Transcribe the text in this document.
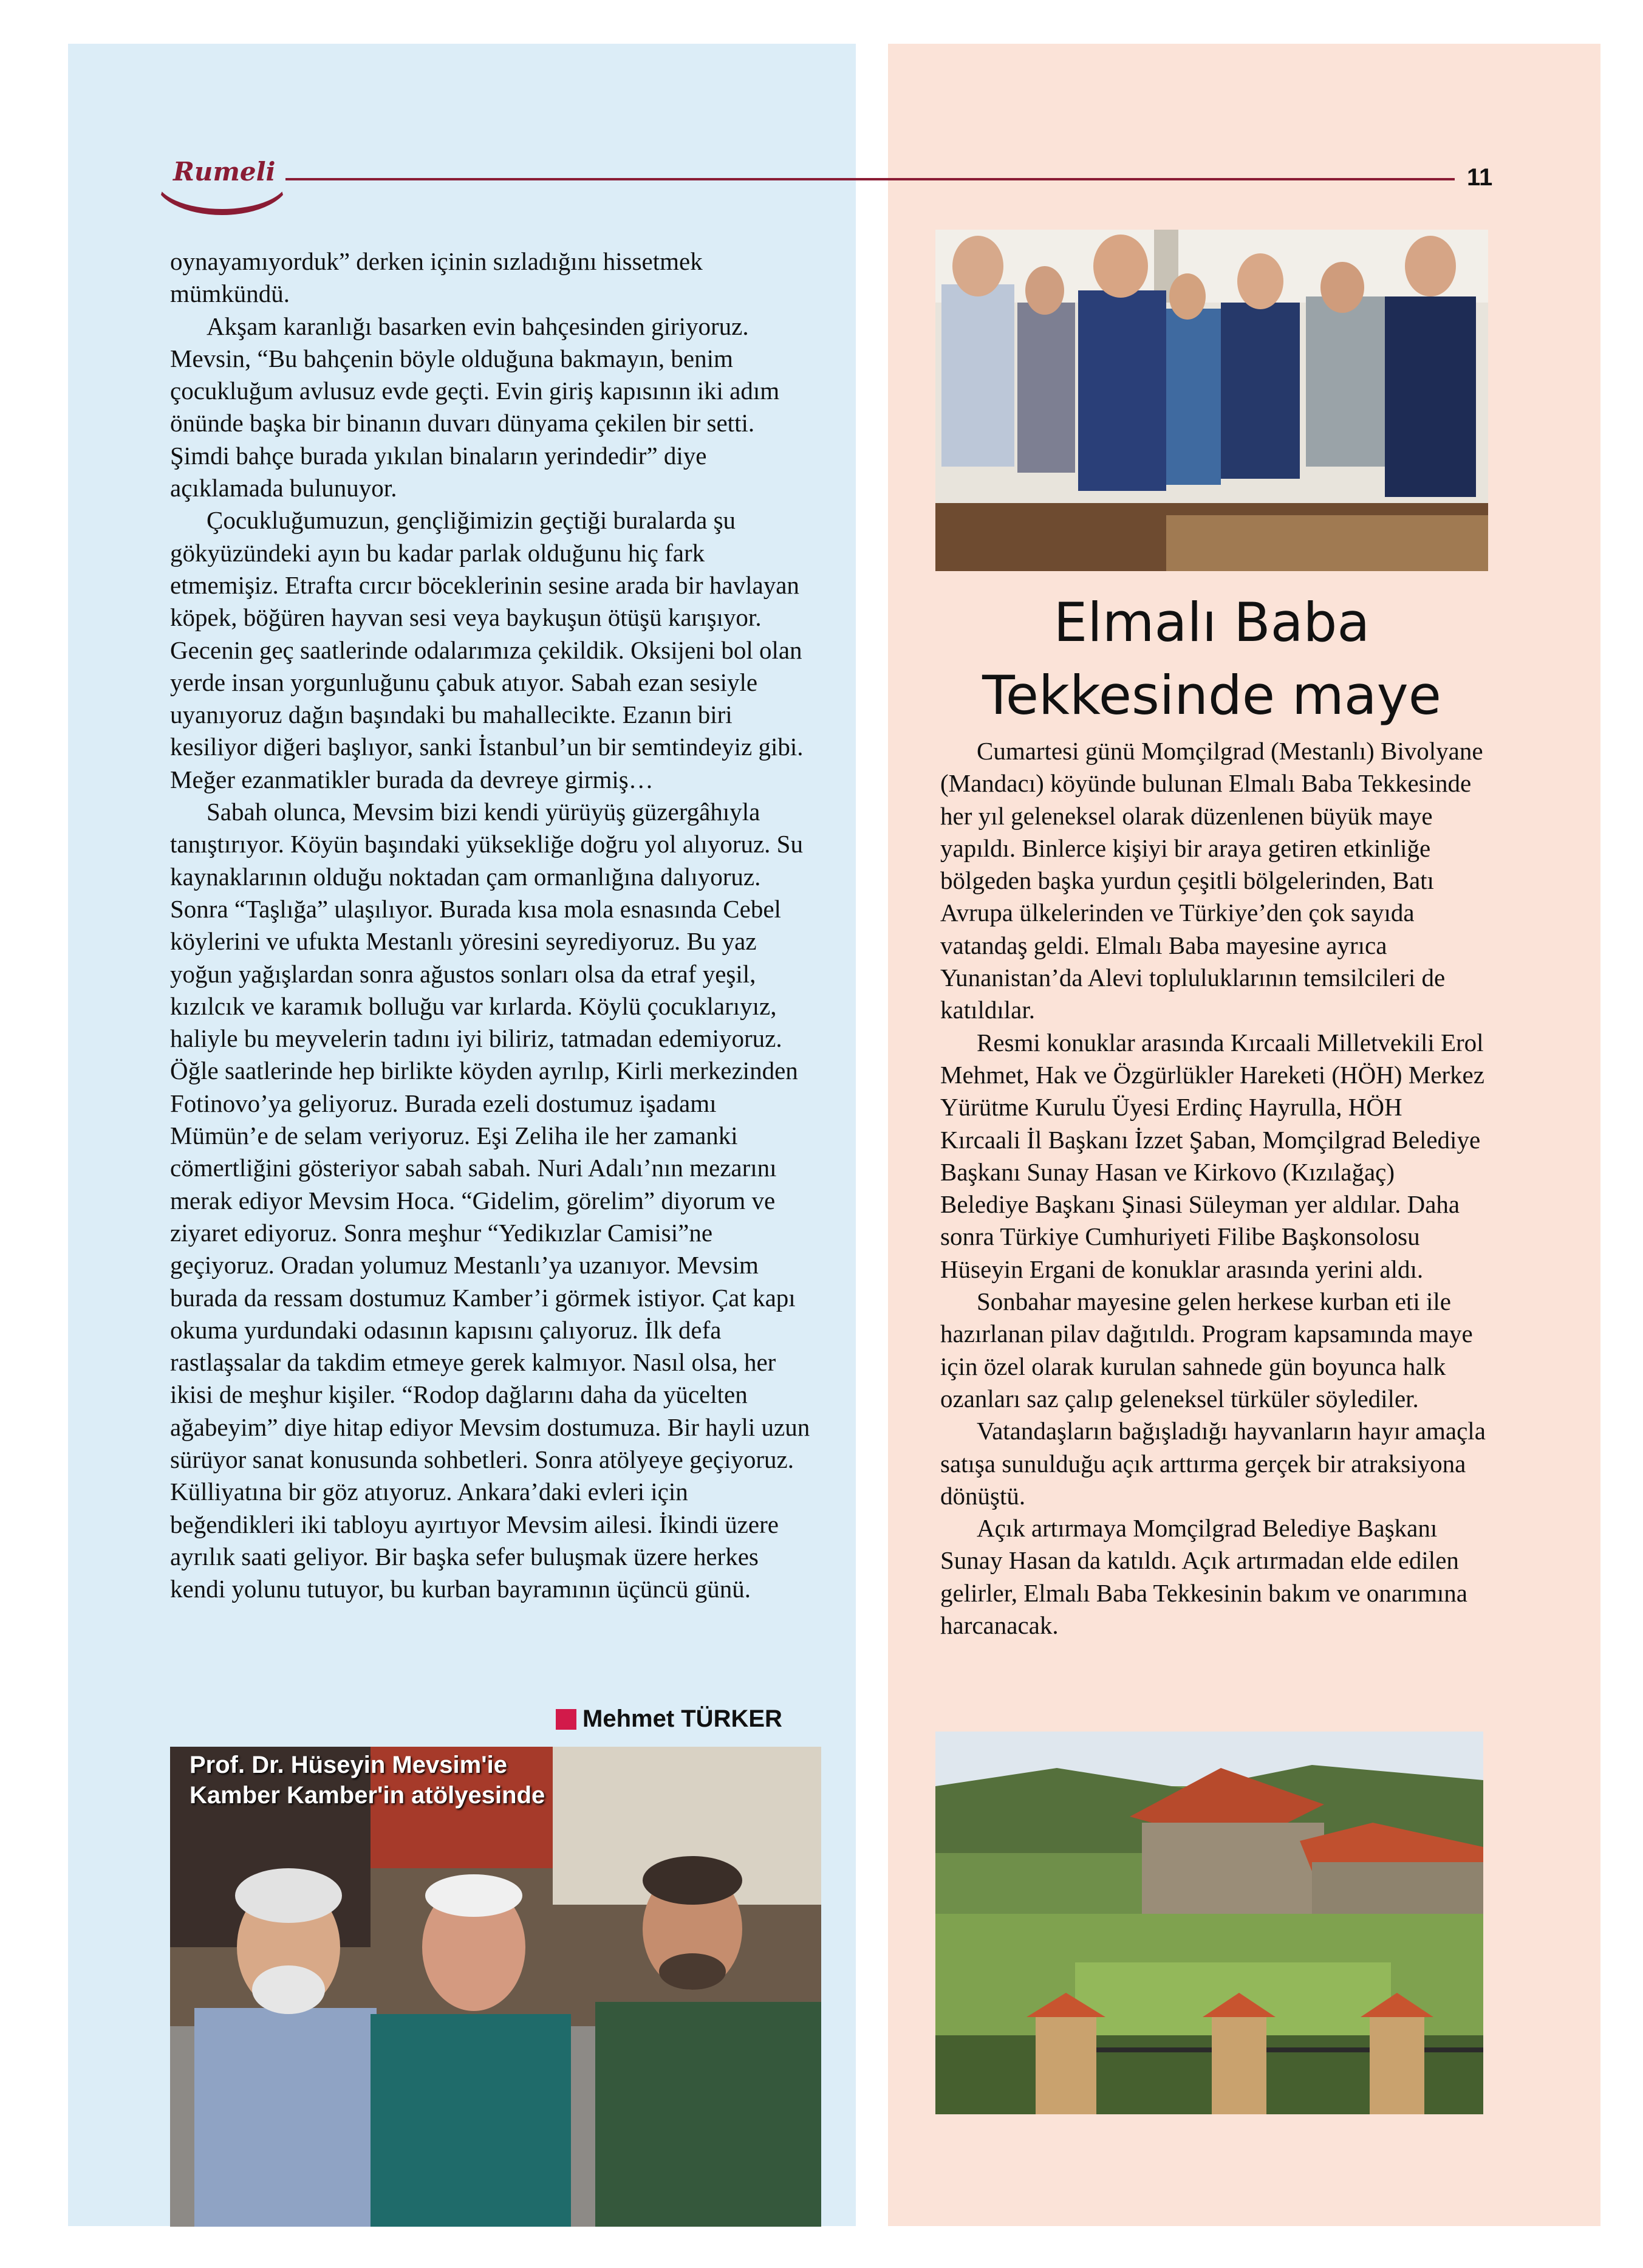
Rumeli	11

oynayamıyorduk” derken içinin sızladığını hissetmek mümkündü.

Akşam karanlığı basarken evin bahçesinden giriyoruz. Mevsin, “Bu bahçenin böyle olduğuna bakmayın, benim çocukluğum avlusuz evde geçti. Evin giriş kapısının iki adım önünde başka bir binanın duvarı dünyama çekilen bir setti. Şimdi bahçe burada yıkılan binaların yerindedir” diye açıklamada bulunuyor.

Çocukluğumuzun, gençliğimizin geçtiği buralarda şu gökyüzündeki ayın bu kadar parlak olduğunu hiç fark etmemişiz. Etrafta cırcır böceklerinin sesine arada bir havlayan köpek, böğüren hayvan sesi veya baykuşun ötüşü karışıyor. Gecenin geç saatlerinde odalarımıza çekildik. Oksijeni bol olan yerde insan yorgunluğunu çabuk atıyor. Sabah ezan sesiyle uyanıyoruz dağın başındaki bu mahallecikte. Ezanın biri kesiliyor diğeri başlıyor, sanki İstanbul’un bir semtindeyiz gibi. Meğer ezanmatikler burada da devreye girmiş…

Sabah olunca, Mevsim bizi kendi yürüyüş güzergâhıyla tanıştırıyor. Köyün başındaki yüksekliğe doğru yol alıyoruz. Su kaynaklarının olduğu noktadan çam ormanlığına dalıyoruz. Sonra “Taşlığa” ulaşılıyor. Burada kısa mola esnasında Cebel köylerini ve ufukta Mestanlı yöresini seyrediyoruz. Bu yaz yoğun yağışlardan sonra ağustos sonları olsa da etraf yeşil, kızılcık ve karamık bolluğu var kırlarda. Köylü çocuklarıyız, haliyle bu meyvelerin tadını iyi biliriz, tatmadan edemiyoruz. Öğle saatlerinde hep birlikte köyden ayrılıp, Kirli merkezinden Fotinovo’ya geliyoruz. Burada ezeli dostumuz işadamı Mümün’e de selam veriyoruz. Eşi Zeliha ile her zamanki cömertliğini gösteriyor sabah sabah. Nuri Adalı’nın mezarını merak ediyor Mevsim Hoca. “Gidelim, görelim” diyorum ve ziyaret ediyoruz. Sonra meşhur “Yedikızlar Camisi”ne geçiyoruz. Oradan yolumuz Mestanlı’ya uzanıyor. Mevsim burada da ressam dostumuz Kamber’i görmek istiyor. Çat kapı okuma yurdundaki odasının kapısını çalıyoruz. İlk defa rastlaşsalar da takdim etmeye gerek kalmıyor. Nasıl olsa, her ikisi de meşhur kişiler. “Rodop dağlarını daha da yücelten ağabeyim” diye hitap ediyor Mevsim dostumuza. Bir hayli uzun sürüyor sanat konusunda sohbetleri. Sonra atölyeye geçiyoruz. Külliyatına bir göz atıyoruz. Ankara’daki evleri için beğendikleri iki tabloyu ayırtıyor Mevsim ailesi. İkindi üzere ayrılık saati geliyor. Bir başka sefer buluşmak üzere herkes kendi yolunu tutuyor, bu kurban bayramının üçüncü günü.

Mehmet TÜRKER
Prof. Dr. Hüseyin Mevsim'ie
Kamber Kamber'in atölyesinde
Elmalı Baba
Tekkesinde maye

Cumartesi günü Momçilgrad (Mestanlı) Bivolyane (Mandacı) köyünde bulunan Elmalı Baba Tekkesinde her yıl geleneksel olarak düzenlenen büyük maye yapıldı. Binlerce kişiyi bir araya getiren etkinliğe bölgeden başka yurdun çeşitli bölgelerinden, Batı Avrupa ülkelerinden ve Türkiye’den çok sayıda vatandaş geldi. Elmalı Baba mayesine ayrıca Yunanistan’da Alevi topluluklarının temsilcileri de katıldılar.

Resmi konuklar arasında Kırcaali Milletvekili Erol Mehmet, Hak ve Özgürlükler Hareketi (HÖH) Merkez Yürütme Kurulu Üyesi Erdinç Hayrulla, HÖH Kırcaali İl Başkanı İzzet Şaban, Momçilgrad Belediye Başkanı Sunay Hasan ve Kirkovo (Kızılağaç) Belediye Başkanı Şinasi Süleyman yer aldılar. Daha sonra Türkiye Cumhuriyeti Filibe Başkonsolosu Hüseyin Ergani de konuklar arasında yerini aldı.

Sonbahar mayesine gelen herkese kurban eti ile hazırlanan pilav dağıtıldı. Program kapsamında maye için özel olarak kurulan sahnede gün boyunca halk ozanları saz çalıp geleneksel türküler söylediler.

Vatandaşların bağışladığı hayvanların hayır amaçla satışa sunulduğu açık arttırma gerçek bir atraksiyona dönüştü.

Açık artırmaya Momçilgrad Belediye Başkanı Sunay Hasan da katıldı. Açık artırmadan elde edilen gelirler, Elmalı Baba Tekkesinin bakım ve onarımına harcanacak.
